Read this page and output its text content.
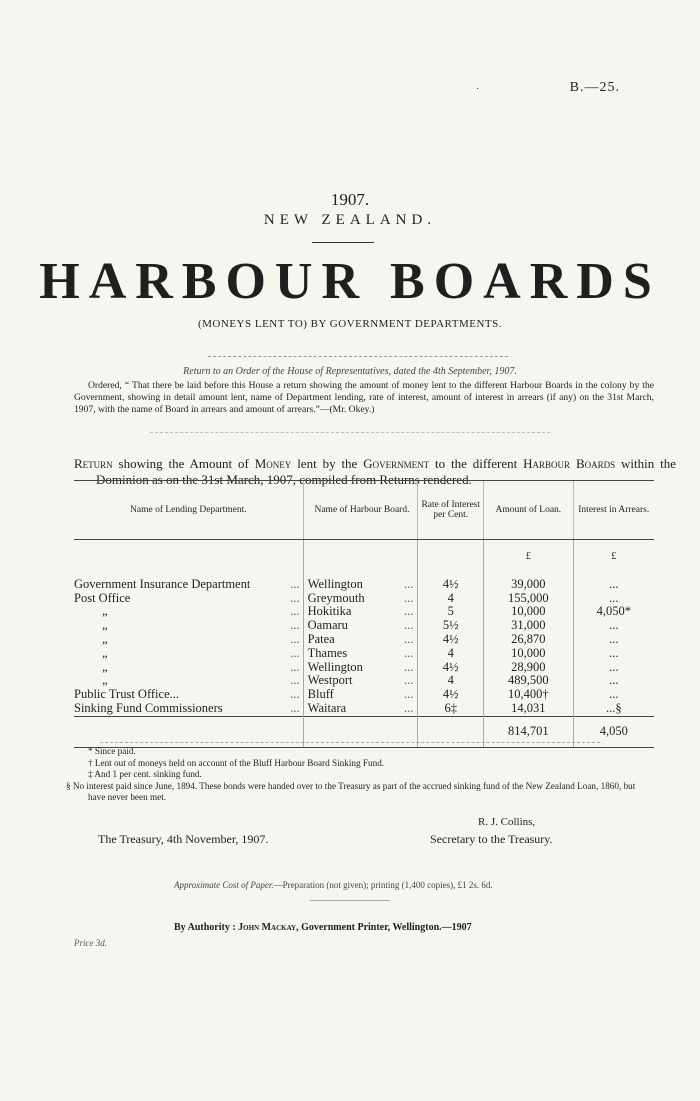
·	B.—25.
1907.
NEW ZEALAND.
HARBOUR BOARDS
(MONEYS LENT TO) BY GOVERNMENT DEPARTMENTS.
Return to an Order of the House of Representatives, dated the 4th September, 1907.
Ordered, “ That there be laid before this House a return showing the amount of money lent to the different Harbour Boards in the colony by the Government, showing in detail amount lent, name of Department lending, rate of interest, amount of interest in arrears (if any) on the 31st March, 1907, with the name of Board in arrears and amount of arrears.”—(Mr. Okey.)
Return showing the Amount of Money lent by the Government to the different Harbour Boards within the Dominion as on the 31st March, 1907, compiled from Returns rendered.
Name of Lending Department.	Name of Harbour Board.	Rate of Interest per Cent.	Amount of Loan.	Interest in Arrears.
			£	£

Government Insurance Department ...	Wellington ...	4½	39,000	...

Post Office ...	Greymouth ...	4	155,000	...

„ ...	Hokitika ...	5	10,000	4,050*

„ ...	Oamaru ...	5½	31,000	...

„ ...	Patea ...	4½	26,870	...

„ ...	Thames ...	4	10,000	...

„ ...	Wellington ...	4½	28,900	...

„ ...	Westport ...	4	489,500	...

Public Trust Office... ...	Bluff ...	4½	10,400†	...

Sinking Fund Commissioners ...	Waitara ...	6‡	14,031	...§
			814,701	4,050
* Since paid.
† Lent out of moneys held on account of the Bluff Harbour Board Sinking Fund.
‡ And 1 per cent. sinking fund.
§ No interest paid since June, 1894. These bonds were handed over to the Treasury as part of the accrued sinking fund of the New Zealand Loan, 1860, but have never been met.
R. J. Collins,
Secretary to the Treasury.
The Treasury, 4th November, 1907.
Approximate Cost of Paper.—Preparation (not given); printing (1,400 copies), £1 2s. 6d.
By Authority : John Mackay, Government Printer, Wellington.—1907
Price 3d.
